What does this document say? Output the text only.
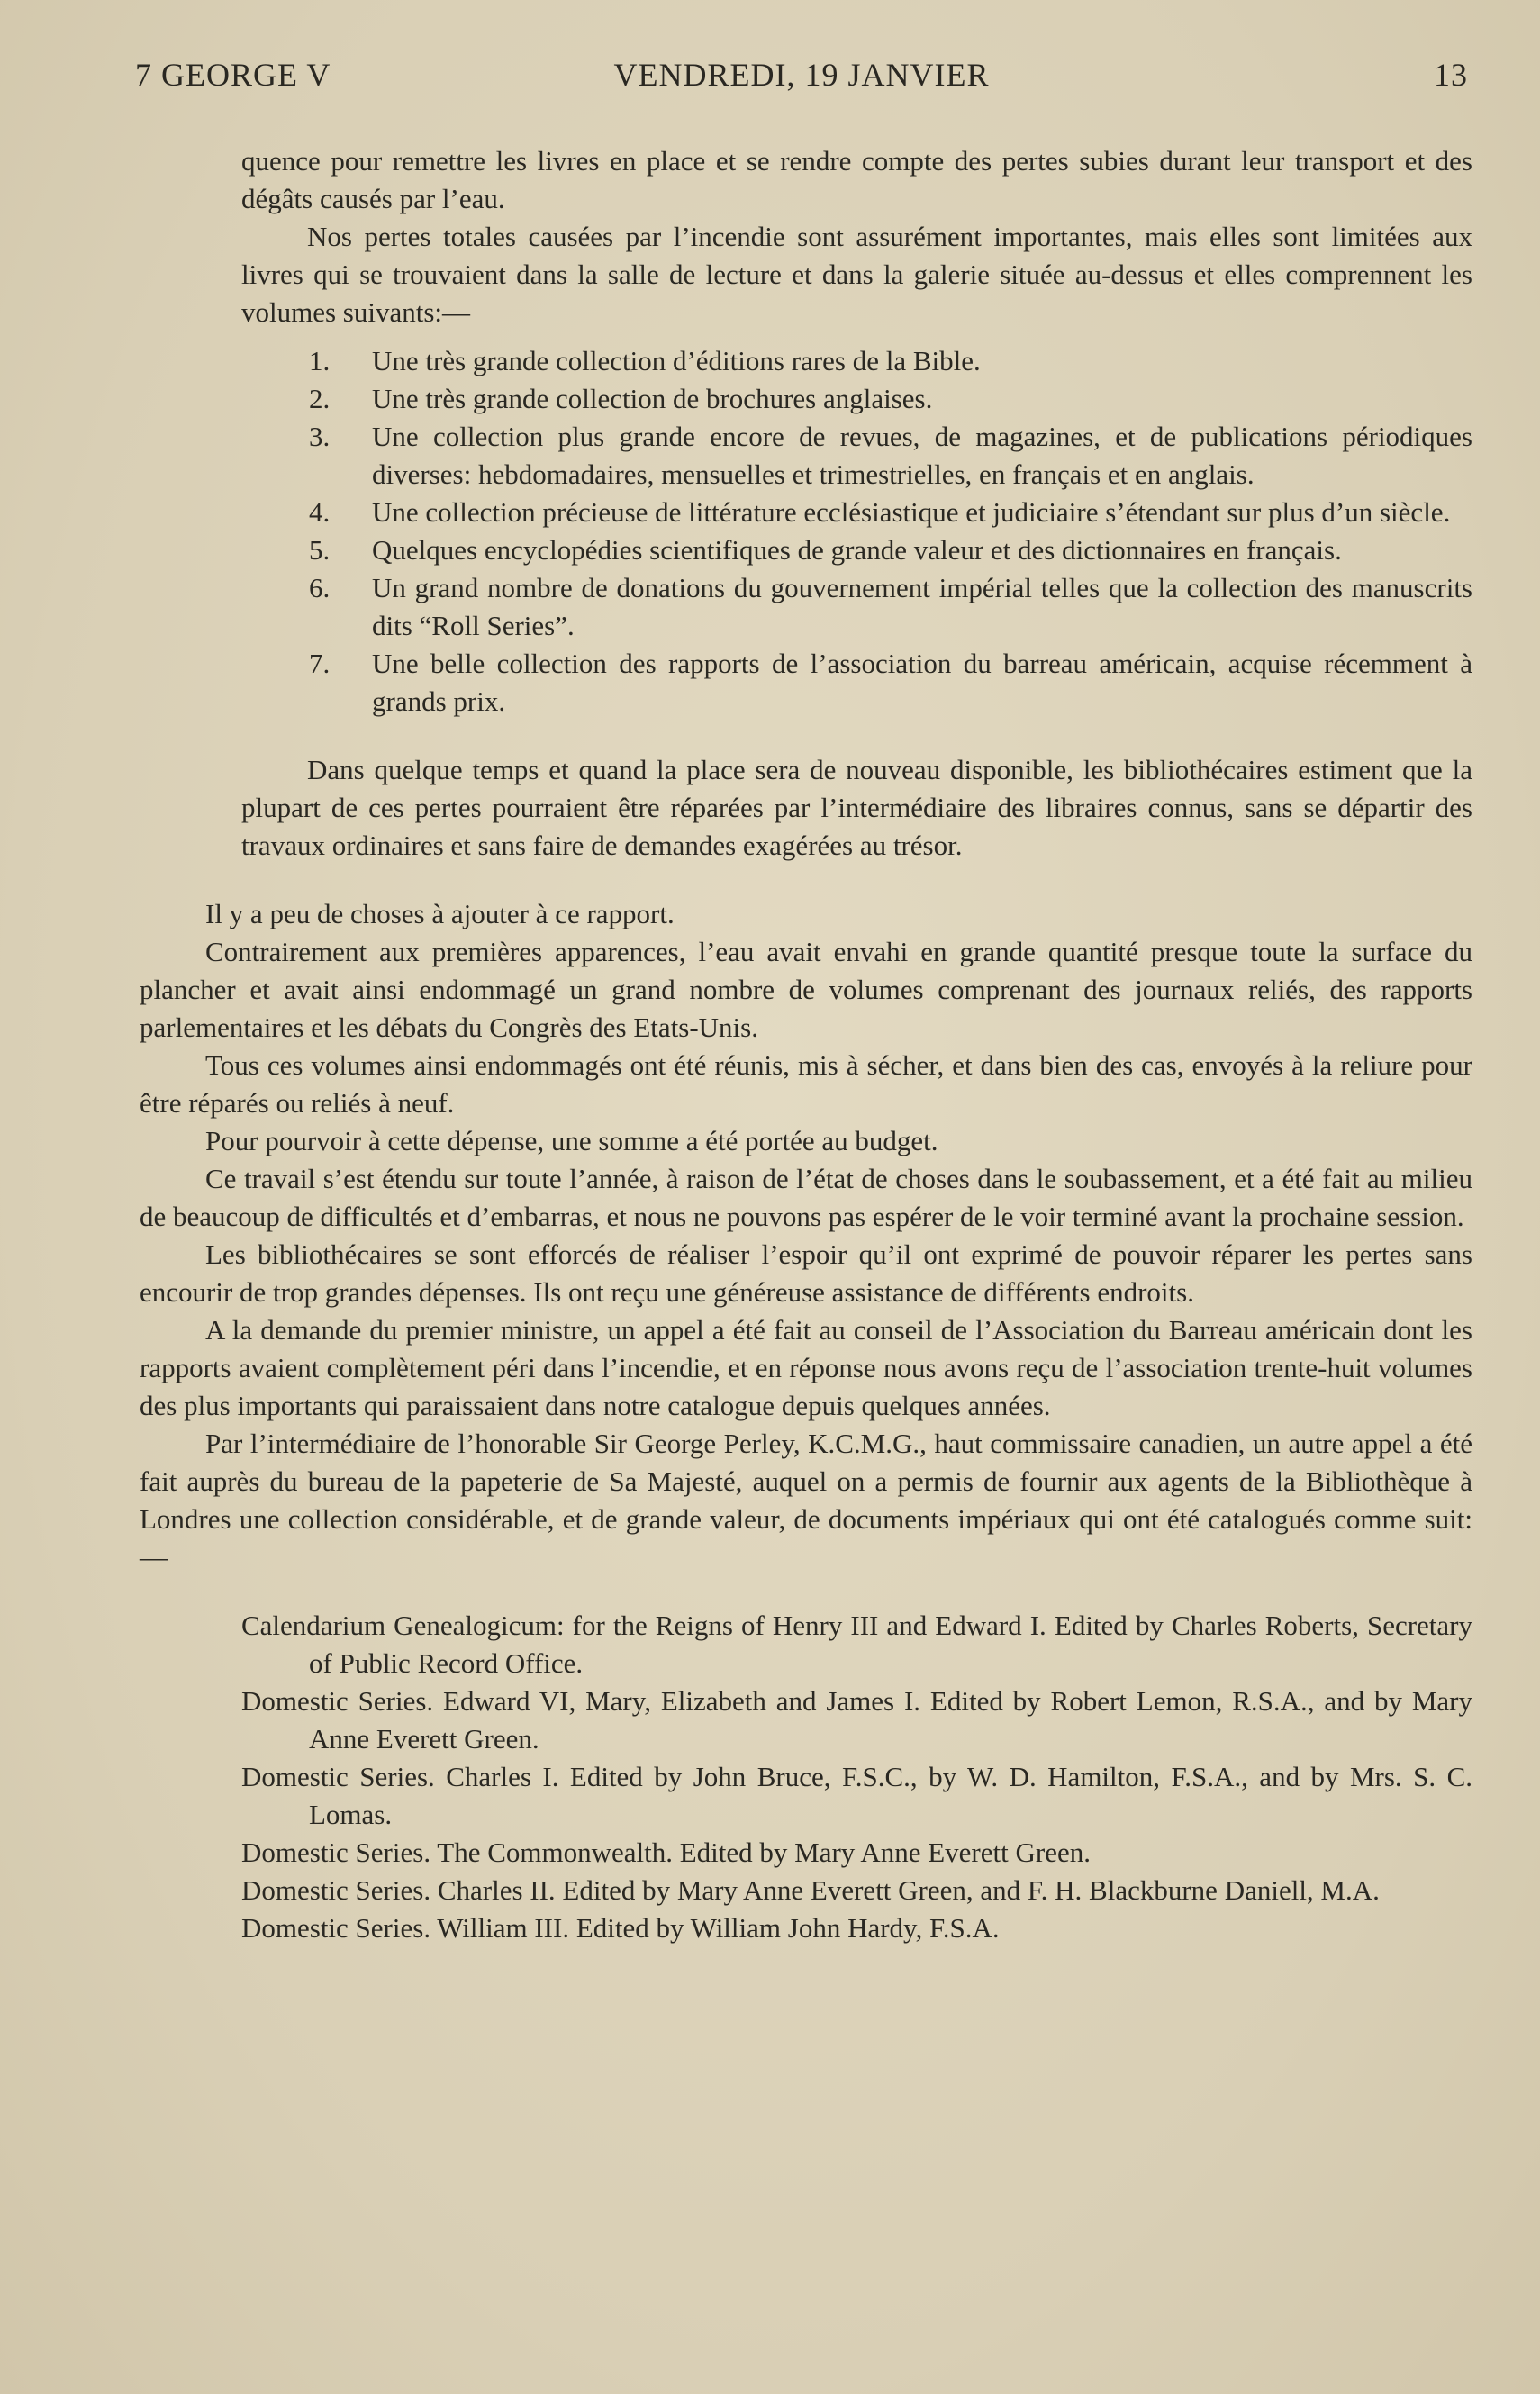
7 GEORGE V	VENDREDI, 19 JANVIER	13

quence pour remettre les livres en place et se rendre compte des pertes subies durant leur transport et des dégâts causés par l’eau.

Nos pertes totales causées par l’incendie sont assurément importantes, mais elles sont limitées aux livres qui se trouvaient dans la salle de lecture et dans la galerie située au-dessus et elles comprennent les volumes suivants:—

1.	Une très grande collection d’éditions rares de la Bible.
2.	Une très grande collection de brochures anglaises.
3.	Une collection plus grande encore de revues, de magazines, et de publications périodiques diverses: hebdomadaires, mensuelles et trimestrielles, en français et en anglais.
4.	Une collection précieuse de littérature ecclésiastique et judiciaire s’étendant sur plus d’un siècle.
5.	Quelques encyclopédies scientifiques de grande valeur et des dictionnaires en français.
6.	Un grand nombre de donations du gouvernement impérial telles que la collection des manuscrits dits “Roll Series”.
7.	Une belle collection des rapports de l’association du barreau américain, acquise récemment à grands prix.

Dans quelque temps et quand la place sera de nouveau disponible, les bibliothécaires estiment que la plupart de ces pertes pourraient être réparées par l’intermédiaire des libraires connus, sans se départir des travaux ordinaires et sans faire de demandes exagérées au trésor.

Il y a peu de choses à ajouter à ce rapport.

Contrairement aux premières apparences, l’eau avait envahi en grande quantité presque toute la surface du plancher et avait ainsi endommagé un grand nombre de volumes comprenant des journaux reliés, des rapports parlementaires et les débats du Congrès des Etats-Unis.

Tous ces volumes ainsi endommagés ont été réunis, mis à sécher, et dans bien des cas, envoyés à la reliure pour être réparés ou reliés à neuf.

Pour pourvoir à cette dépense, une somme a été portée au budget.

Ce travail s’est étendu sur toute l’année, à raison de l’état de choses dans le soubassement, et a été fait au milieu de beaucoup de difficultés et d’embarras, et nous ne pouvons pas espérer de le voir terminé avant la prochaine session.

Les bibliothécaires se sont efforcés de réaliser l’espoir qu’il ont exprimé de pouvoir réparer les pertes sans encourir de trop grandes dépenses. Ils ont reçu une généreuse assistance de différents endroits.

A la demande du premier ministre, un appel a été fait au conseil de l’Association du Barreau américain dont les rapports avaient complètement péri dans l’incendie, et en réponse nous avons reçu de l’association trente-huit volumes des plus importants qui paraissaient dans notre catalogue depuis quelques années.

Par l’intermédiaire de l’honorable Sir George Perley, K.C.M.G., haut commissaire canadien, un autre appel a été fait auprès du bureau de la papeterie de Sa Majesté, auquel on a permis de fournir aux agents de la Bibliothèque à Londres une collection considérable, et de grande valeur, de documents impériaux qui ont été catalogués comme suit:—

Calendarium Genealogicum: for the Reigns of Henry III and Edward I. Edited by Charles Roberts, Secretary of Public Record Office.
Domestic Series. Edward VI, Mary, Elizabeth and James I. Edited by Robert Lemon, R.S.A., and by Mary Anne Everett Green.
Domestic Series. Charles I. Edited by John Bruce, F.S.C., by W. D. Hamilton, F.S.A., and by Mrs. S. C. Lomas.
Domestic Series. The Commonwealth. Edited by Mary Anne Everett Green.
Domestic Series. Charles II. Edited by Mary Anne Everett Green, and F. H. Blackburne Daniell, M.A.
Domestic Series. William III. Edited by William John Hardy, F.S.A.
